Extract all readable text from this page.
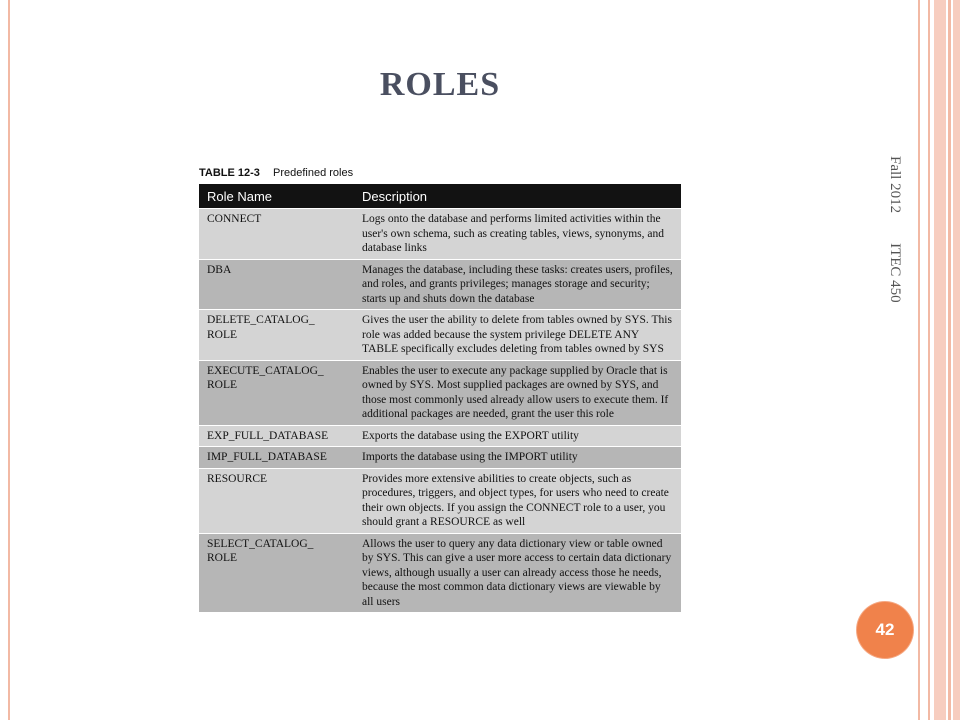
ROLES
Fall 2012        ITEC 450
42
TABLE 12-3 Predefined roles
Role Name	Description
CONNECT	Logs onto the database and performs limited activities within the user's own schema, such as creating tables, views, synonyms, and database links
DBA	Manages the database, including these tasks: creates users, profiles, and roles, and grants privileges; manages storage and security; starts up and shuts down the database
DELETE_CATALOG_ ROLE	Gives the user the ability to delete from tables owned by SYS. This role was added because the system privilege DELETE ANY TABLE specifically excludes deleting from tables owned by SYS
EXECUTE_CATALOG_ ROLE	Enables the user to execute any package supplied by Oracle that is owned by SYS. Most supplied packages are owned by SYS, and those most commonly used already allow users to execute them. If additional packages are needed, grant the user this role
EXP_FULL_DATABASE	Exports the database using the EXPORT utility
IMP_FULL_DATABASE	Imports the database using the IMPORT utility
RESOURCE	Provides more extensive abilities to create objects, such as procedures, triggers, and object types, for users who need to create their own objects. If you assign the CONNECT role to a user, you should grant a RESOURCE as well
SELECT_CATALOG_ ROLE	Allows the user to query any data dictionary view or table owned by SYS. This can give a user more access to certain data dictionary views, although usually a user can already access those he needs, because the most common data dictionary views are viewable by all users
